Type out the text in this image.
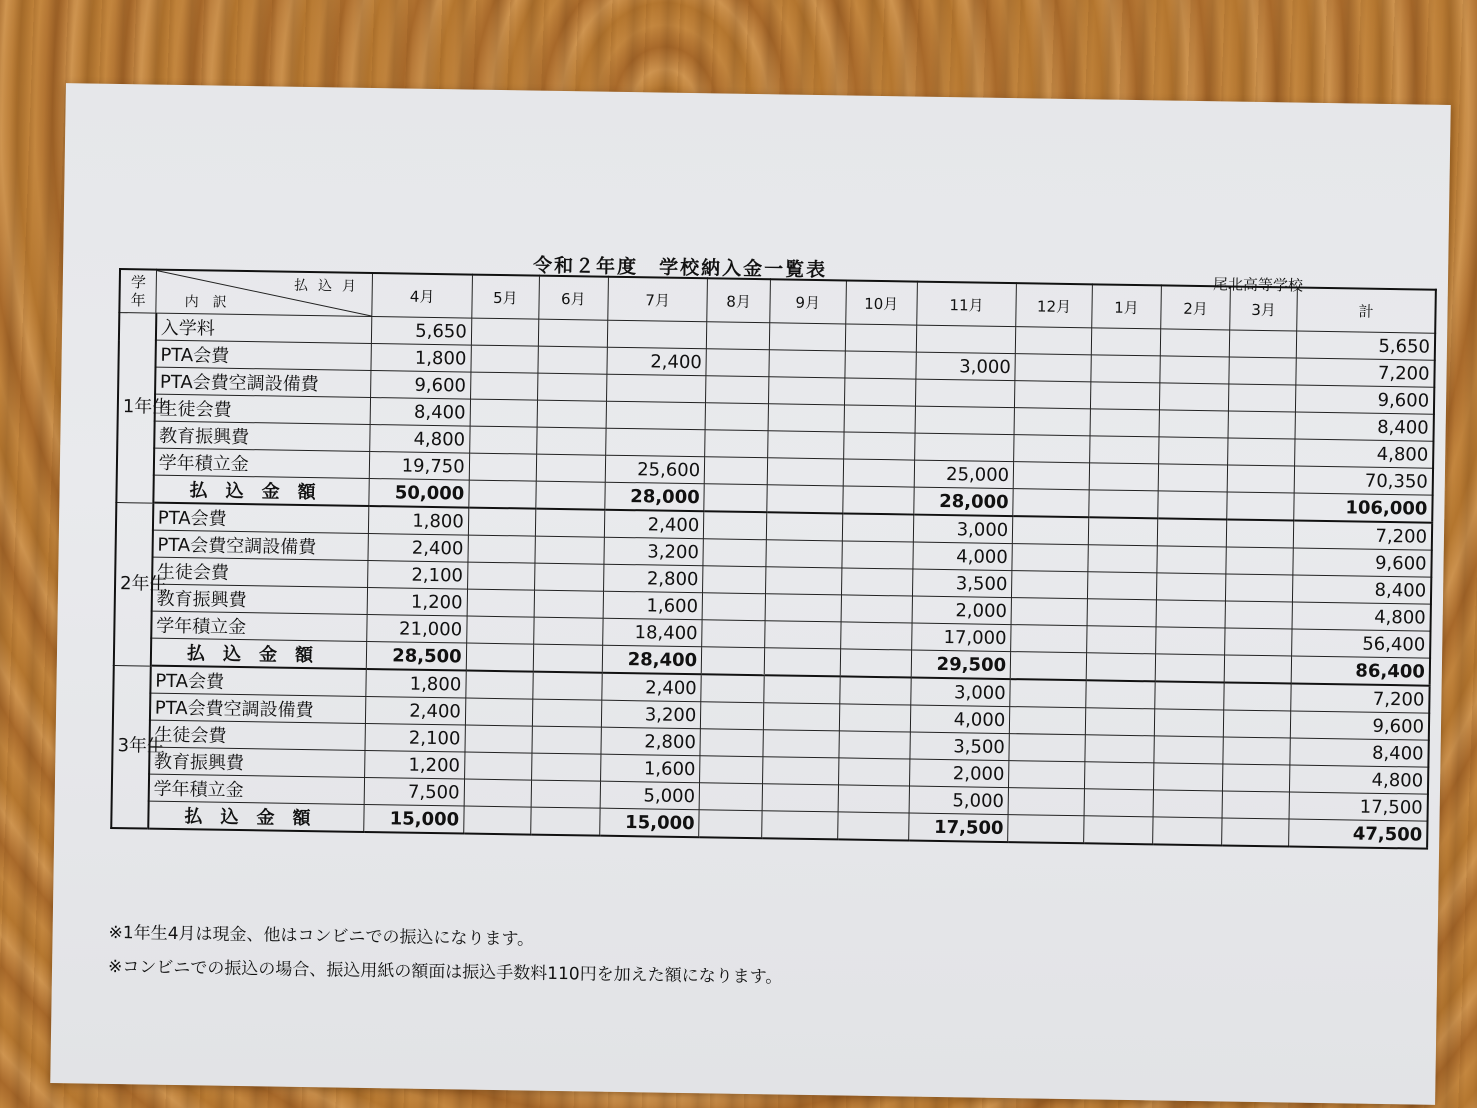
令和２年度　学校納入金一覧表
尾北高等学校
学年	払込月
内訳	4月	5月	6月	7月	8月	9月	10月	11月	12月	1月	2月	3月	計
1年生	入学料	5,650												5,650
	PTA会費	1,800			2,400				3,000					7,200
	PTA会費空調設備費	9,600												9,600
	生徒会費	8,400												8,400
	教育振興費	4,800												4,800
	学年積立金	19,750			25,600				25,000					70,350
	払込金額	50,000			28,000				28,000					106,000
2年生	PTA会費	1,800			2,400				3,000					7,200
	PTA会費空調設備費	2,400			3,200				4,000					9,600
	生徒会費	2,100			2,800				3,500					8,400
	教育振興費	1,200			1,600				2,000					4,800
	学年積立金	21,000			18,400				17,000					56,400
	払込金額	28,500			28,400				29,500					86,400
3年生	PTA会費	1,800			2,400				3,000					7,200
	PTA会費空調設備費	2,400			3,200				4,000					9,600
	生徒会費	2,100			2,800				3,500					8,400
	教育振興費	1,200			1,600				2,000					4,800
	学年積立金	7,500			5,000				5,000					17,500
	払込金額	15,000			15,000				17,500					47,500
※1年生4月は現金、他はコンビニでの振込になります。
※コンビニでの振込の場合、振込用紙の額面は振込手数料110円を加えた額になります。
